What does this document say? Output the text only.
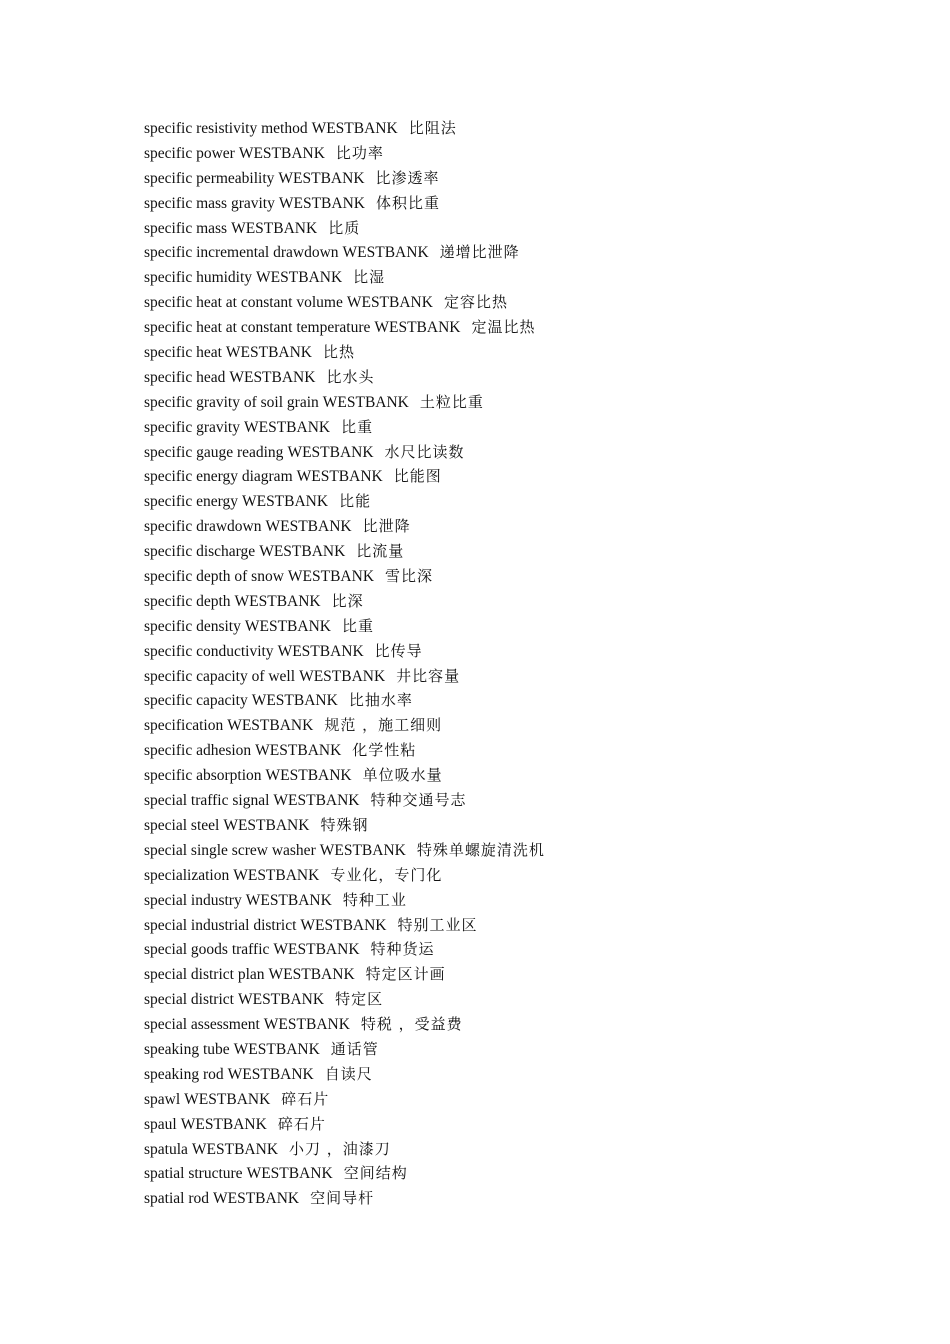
specific resistivity method WESTBANK 比阻法
specific power WESTBANK 比功率
specific permeability WESTBANK 比渗透率
specific mass gravity WESTBANK 体积比重
specific mass WESTBANK 比质
specific incremental drawdown WESTBANK 递增比泄降
specific humidity WESTBANK 比湿
specific heat at constant volume WESTBANK 定容比热
specific heat at constant temperature WESTBANK 定温比热
specific heat WESTBANK 比热
specific head WESTBANK 比水头
specific gravity of soil grain WESTBANK 土粒比重
specific gravity WESTBANK 比重
specific gauge reading WESTBANK 水尺比读数
specific energy diagram WESTBANK 比能图
specific energy WESTBANK 比能
specific drawdown WESTBANK 比泄降
specific discharge WESTBANK 比流量
specific depth of snow WESTBANK 雪比深
specific depth WESTBANK 比深
specific density WESTBANK 比重
specific conductivity WESTBANK 比传导
specific capacity of well WESTBANK 井比容量
specific capacity WESTBANK 比抽水率
specification WESTBANK 规范 ，施工细则
specific adhesion WESTBANK 化学性粘
specific absorption WESTBANK 单位吸水量
special traffic signal WESTBANK 特种交通号志
special steel WESTBANK 特殊钢
special single screw washer WESTBANK 特殊单螺旋清洗机
specialization WESTBANK 专业化，专门化
special industry WESTBANK 特种工业
special industrial district WESTBANK 特别工业区
special goods traffic WESTBANK 特种货运
special district plan WESTBANK 特定区计画
special district WESTBANK 特定区
special assessment WESTBANK 特税 ，受益费
speaking tube WESTBANK 通话管
speaking rod WESTBANK 自读尺
spawl WESTBANK 碎石片
spaul WESTBANK 碎石片
spatula WESTBANK 小刀 ，油漆刀
spatial structure WESTBANK 空间结构
spatial rod WESTBANK 空间导杆
